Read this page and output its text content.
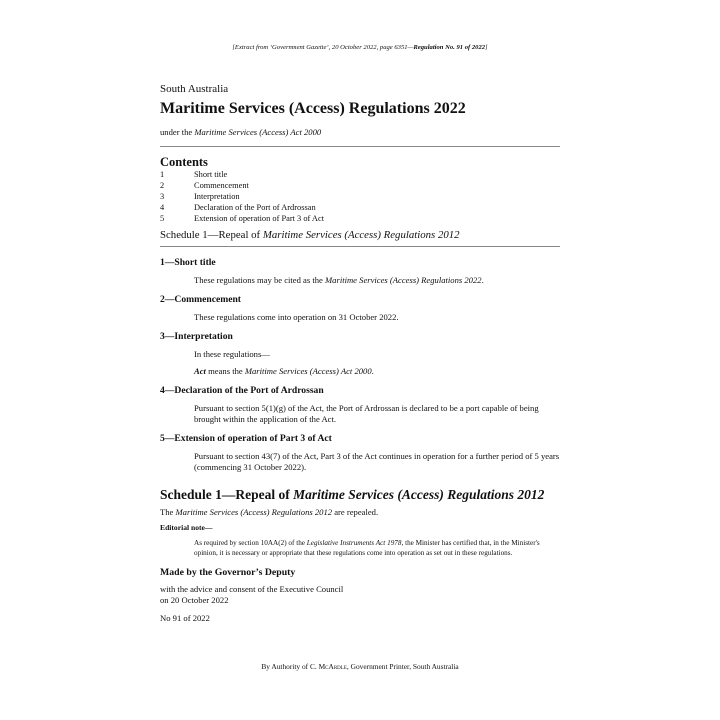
[Extract from ‘Government Gazette’, 20 October 2022, page 6351—Regulation No. 91 of 2022]

South Australia

Maritime Services (Access) Regulations 2022

under the Maritime Services (Access) Act 2000

Contents
1	Short title
2	Commencement
3	Interpretation
4	Declaration of the Port of Ardrossan
5	Extension of operation of Part 3 of Act

Schedule 1—Repeal of Maritime Services (Access) Regulations 2012

1—Short title

These regulations may be cited as the Maritime Services (Access) Regulations 2022.

2—Commencement

These regulations come into operation on 31 October 2022.

3—Interpretation

In these regulations—

Act means the Maritime Services (Access) Act 2000.

4—Declaration of the Port of Ardrossan

Pursuant to section 5(1)(g) of the Act, the Port of Ardrossan is declared to be a port capable of being brought within the application of the Act.

5—Extension of operation of Part 3 of Act

Pursuant to section 43(7) of the Act, Part 3 of the Act continues in operation for a further period of 5 years (commencing 31 October 2022).

Schedule 1—Repeal of Maritime Services (Access) Regulations 2012

The Maritime Services (Access) Regulations 2012 are repealed.

Editorial note—

As required by section 10AA(2) of the Legislative Instruments Act 1978, the Minister has certified that, in the Minister's opinion, it is necessary or appropriate that these regulations come into operation as set out in these regulations.

Made by the Governor’s Deputy

with the advice and consent of the Executive Council

on 20 October 2022

No 91 of 2022

By Authority of C. McArdle, Government Printer, South Australia
